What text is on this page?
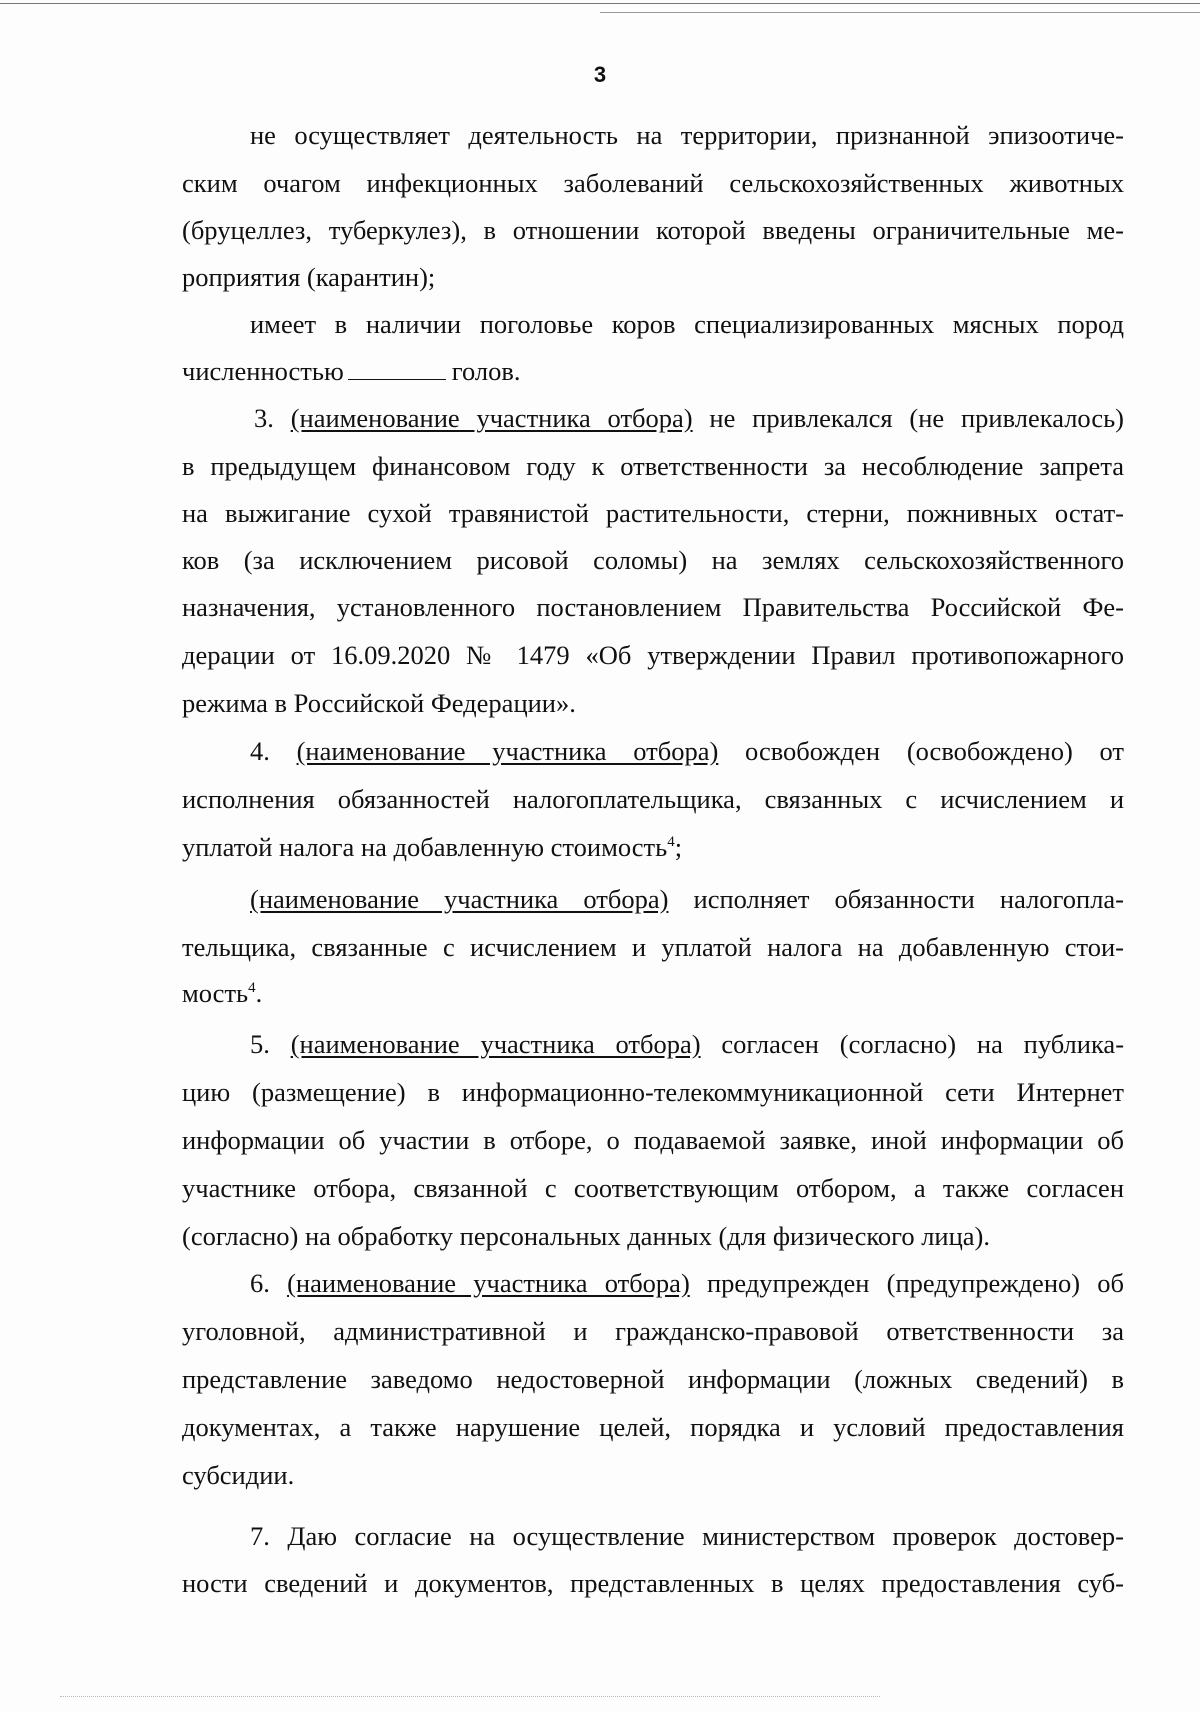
3
не осуществляет деятельность на территории, признанной эпизоотиче-
ским очагом инфекционных заболеваний сельскохозяйственных животных
(бруцеллез, туберкулез), в отношении которой введены ограничительные ме-
роприятия (карантин);
имеет в наличии поголовье коров специализированных мясных пород
численностью	голов.
3. (наименование участника отбора) не привлекался (не привлекалось)
в предыдущем финансовом году к ответственности за несоблюдение запрета
на выжигание сухой травянистой растительности, стерни, пожнивных остат-
ков (за исключением рисовой соломы) на землях сельскохозяйственного
назначения, установленного постановлением Правительства Российской Фе-
дерации от 16.09.2020 № 1479 «Об утверждении Правил противопожарного
режима в Российской Федерации».
4. (наименование участника отбора) освобожден (освобождено) от
исполнения обязанностей налогоплательщика, связанных с исчислением и
уплатой налога на добавленную стоимость$^4$;
(наименование участника отбора) исполняет обязанности налогопла-
тельщика, связанные с исчислением и уплатой налога на добавленную стои-
мость$^4$.
5. (наименование участника отбора) согласен (согласно) на публика-
цию (размещение) в информационно-телекоммуникационной сети Интернет
информации об участии в отборе, о подаваемой заявке, иной информации об
участнике отбора, связанной с соответствующим отбором, а также согласен
(согласно) на обработку персональных данных (для физического лица).
6. (наименование участника отбора) предупрежден (предупреждено) об
уголовной, административной и гражданско-правовой ответственности за
представление заведомо недостоверной информации (ложных сведений) в
документах, а также нарушение целей, порядка и условий предоставления
субсидии.
7. Даю согласие на осуществление министерством проверок достовер-
ности сведений и документов, представленных в целях предоставления суб-
